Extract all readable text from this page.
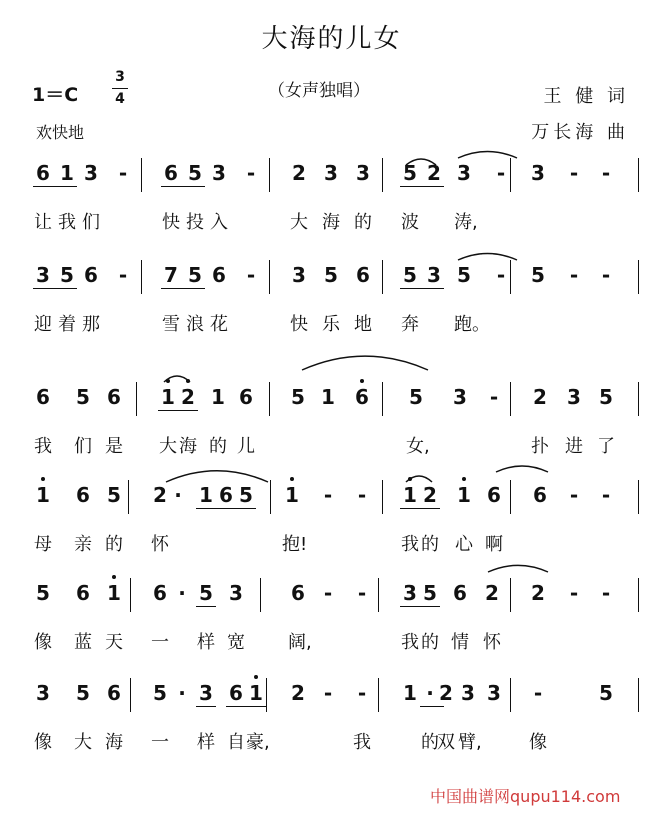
大海的儿女
1＝C
3
4	（女声独唱）	王 健 词
万长海 曲
欢快地
6 1 3 - 6 5 3 - 2 3 3 5 2 3 - 3 - -
让 我 们	快 投 入	大 海 的 波 涛,
3 5 6 - 7 5 6 - 3 5 6 5 3 5 - 5 - -
迎 着 那	雪 浪 花	快 乐 地 奔 跑。
6 5 6 1 2 1 6 5 1 6 5 3 - 2 3 5
我 们 是 大 海 的 儿	女,	扑 进 了
1 6 5 2 · 1 6 5 1 - - 1 2 1 6 6 - -
母 亲 的 怀	抱!	我 的 心 啊
5 6 1 6 · 5 3 6 - - 3 5 6 2 2 - -
像 蓝 天 一 样 宽 阔,	我 的 情 怀
3 5 6 5 · 3 6 1 2 - - 1 · 2 3 3 -	5
像 大 海 一 样 自 豪,	我	的
双 臂,	像
中国曲谱网qupu114.com
